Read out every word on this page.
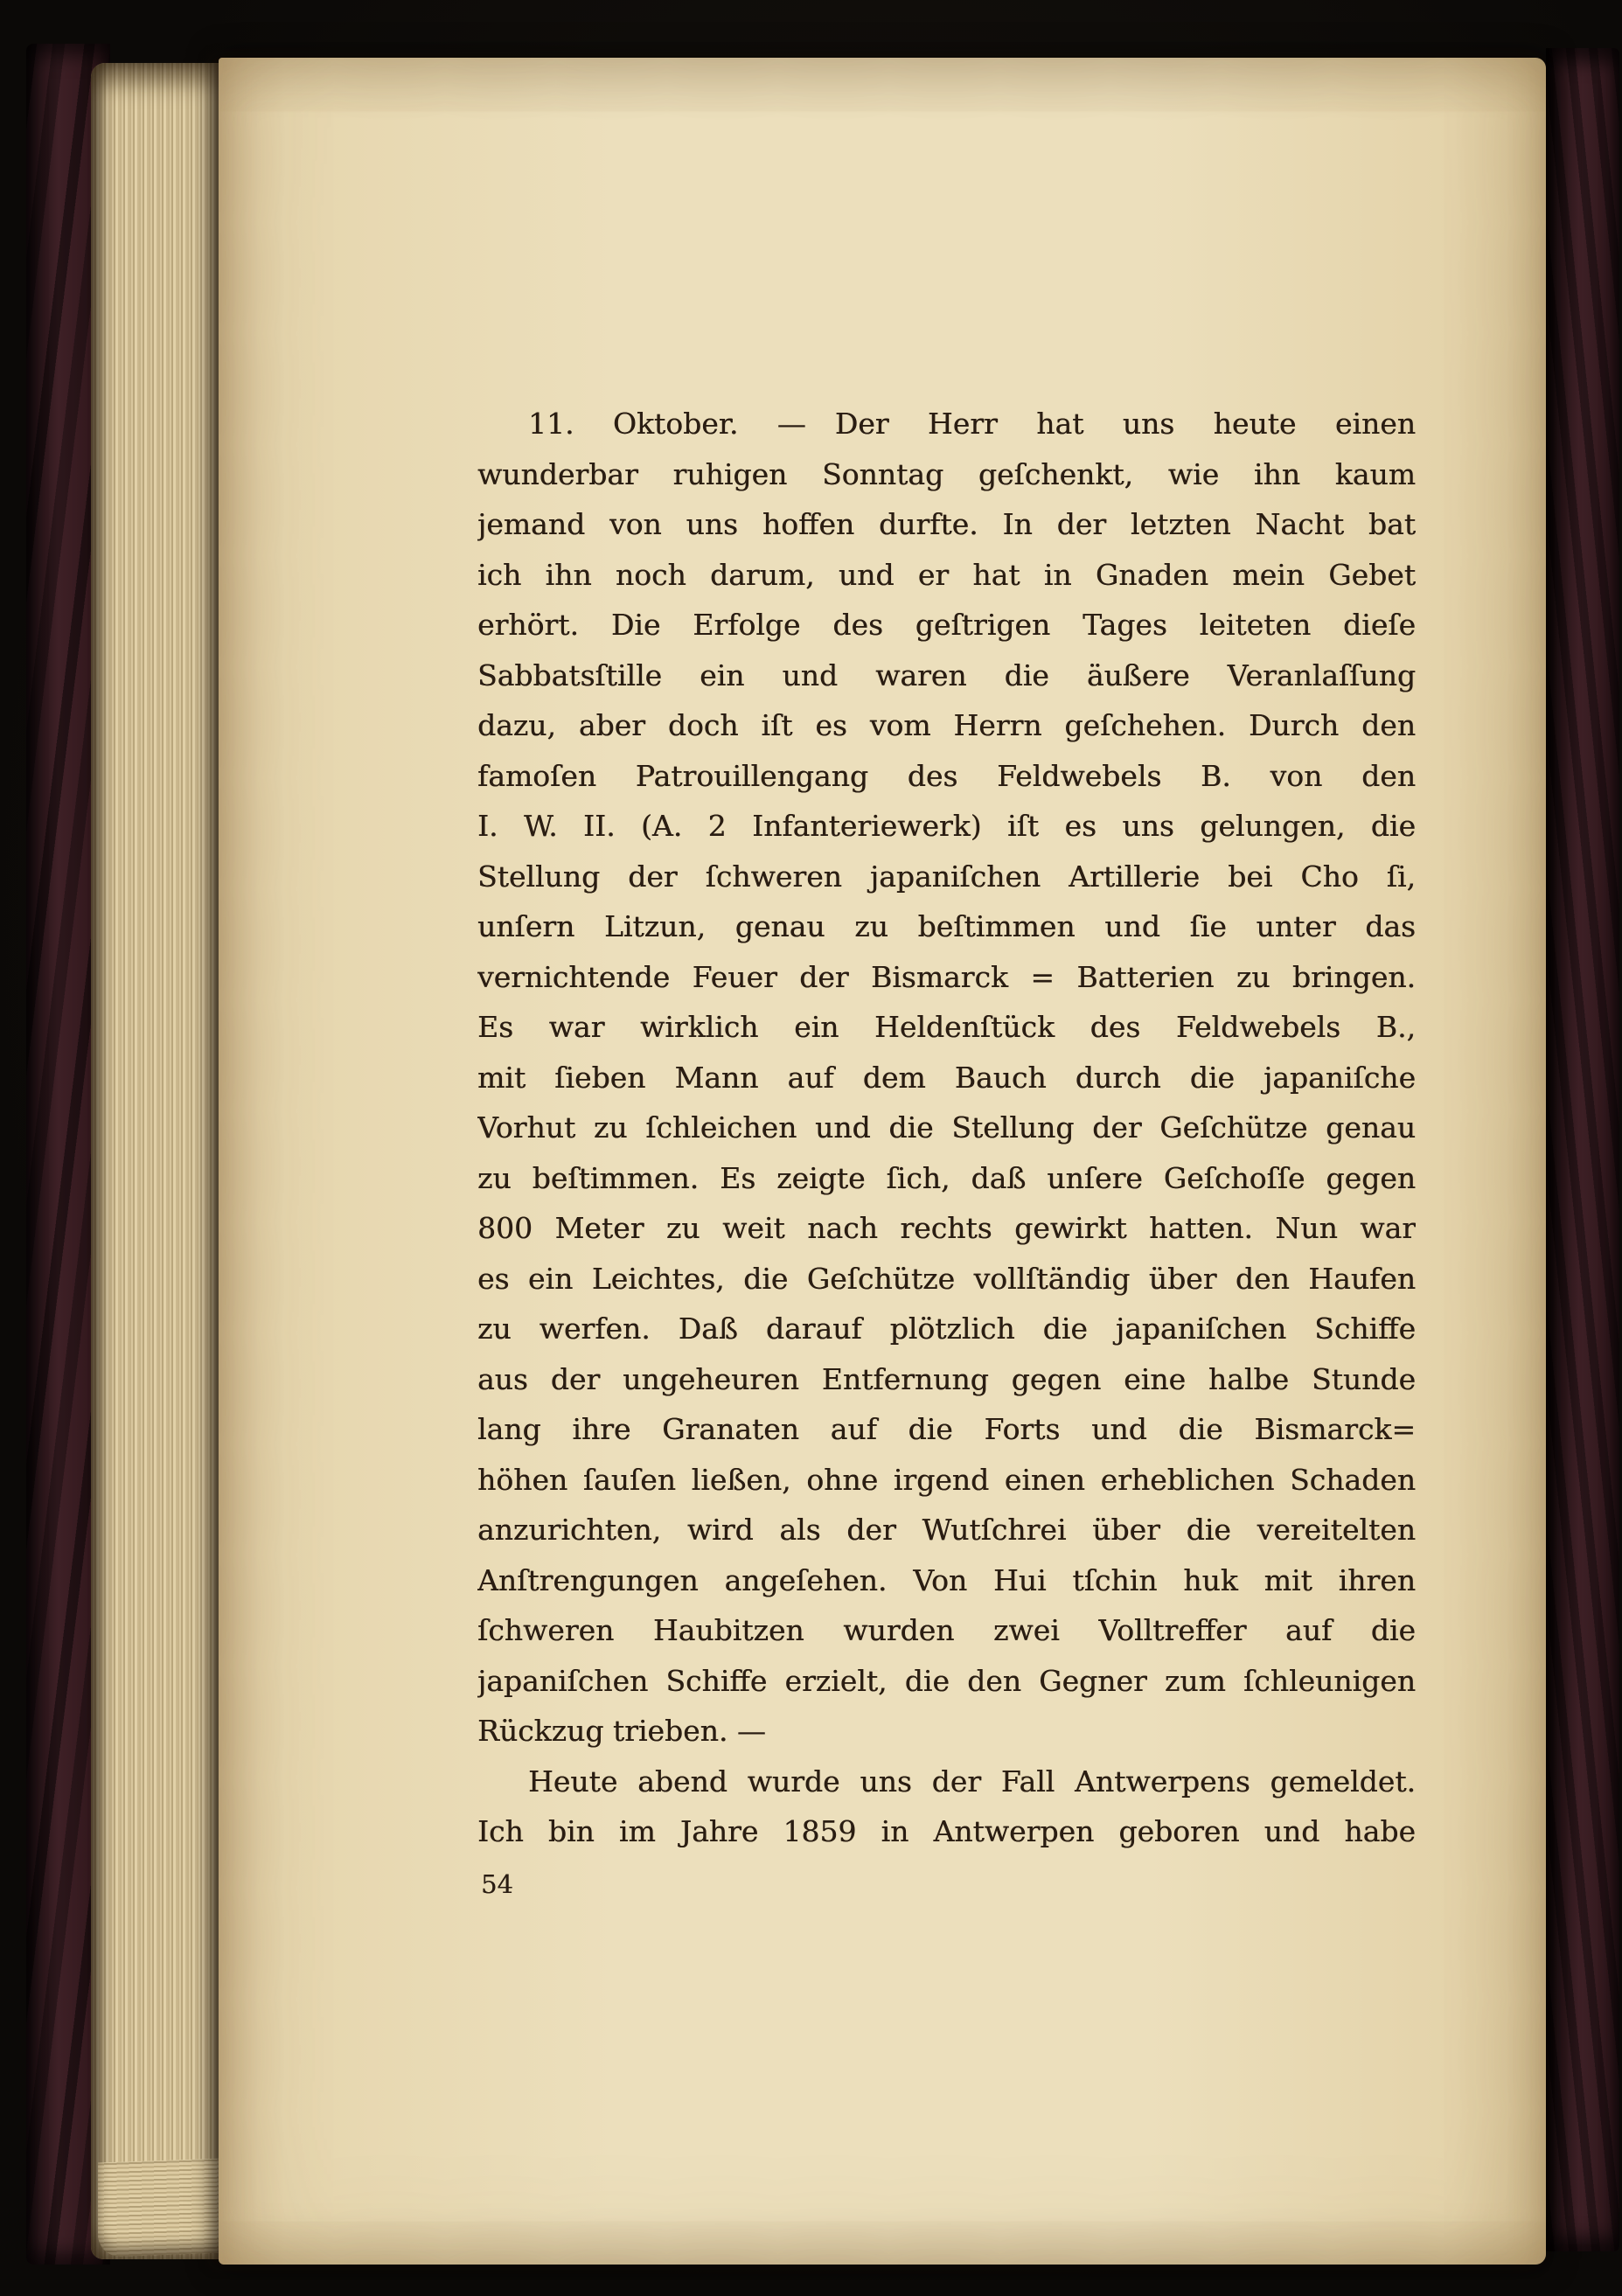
11. Oktober. — Der Herr hat uns heute einen
wunderbar ruhigen Sonntag geſchenkt, wie ihn kaum
jemand von uns hoffen durfte. In der letzten Nacht bat
ich ihn noch darum, und er hat in Gnaden mein Gebet
erhört. Die Erfolge des geſtrigen Tages leiteten dieſe
Sabbatsſtille ein und waren die äußere Veranlaſſung
dazu, aber doch iſt es vom Herrn geſchehen. Durch den
famoſen Patrouillengang des Feldwebels B. von den
I. W. II. (A. 2 Infanteriewerk) iſt es uns gelungen, die
Stellung der ſchweren japaniſchen Artillerie bei Cho ſi,
unſern Litzun, genau zu beſtimmen und ſie unter das
vernichtende Feuer der Bismarck = Batterien zu bringen.
Es war wirklich ein Heldenſtück des Feldwebels B.,
mit ſieben Mann auf dem Bauch durch die japaniſche
Vorhut zu ſchleichen und die Stellung der Geſchütze genau
zu beſtimmen. Es zeigte ſich, daß unſere Geſchoſſe gegen
800 Meter zu weit nach rechts gewirkt hatten. Nun war
es ein Leichtes, die Geſchütze vollſtändig über den Haufen
zu werfen. Daß darauf plötzlich die japaniſchen Schiffe
aus der ungeheuren Entfernung gegen eine halbe Stunde
lang ihre Granaten auf die Forts und die Bismarck=
höhen ſauſen ließen, ohne irgend einen erheblichen Schaden
anzurichten, wird als der Wutſchrei über die vereitelten
Anſtrengungen angeſehen. Von Hui tſchin huk mit ihren
ſchweren Haubitzen wurden zwei Volltreffer auf die
japaniſchen Schiffe erzielt, die den Gegner zum ſchleunigen
Rückzug trieben. —
Heute abend wurde uns der Fall Antwerpens gemeldet.
Ich bin im Jahre 1859 in Antwerpen geboren und habe
54
